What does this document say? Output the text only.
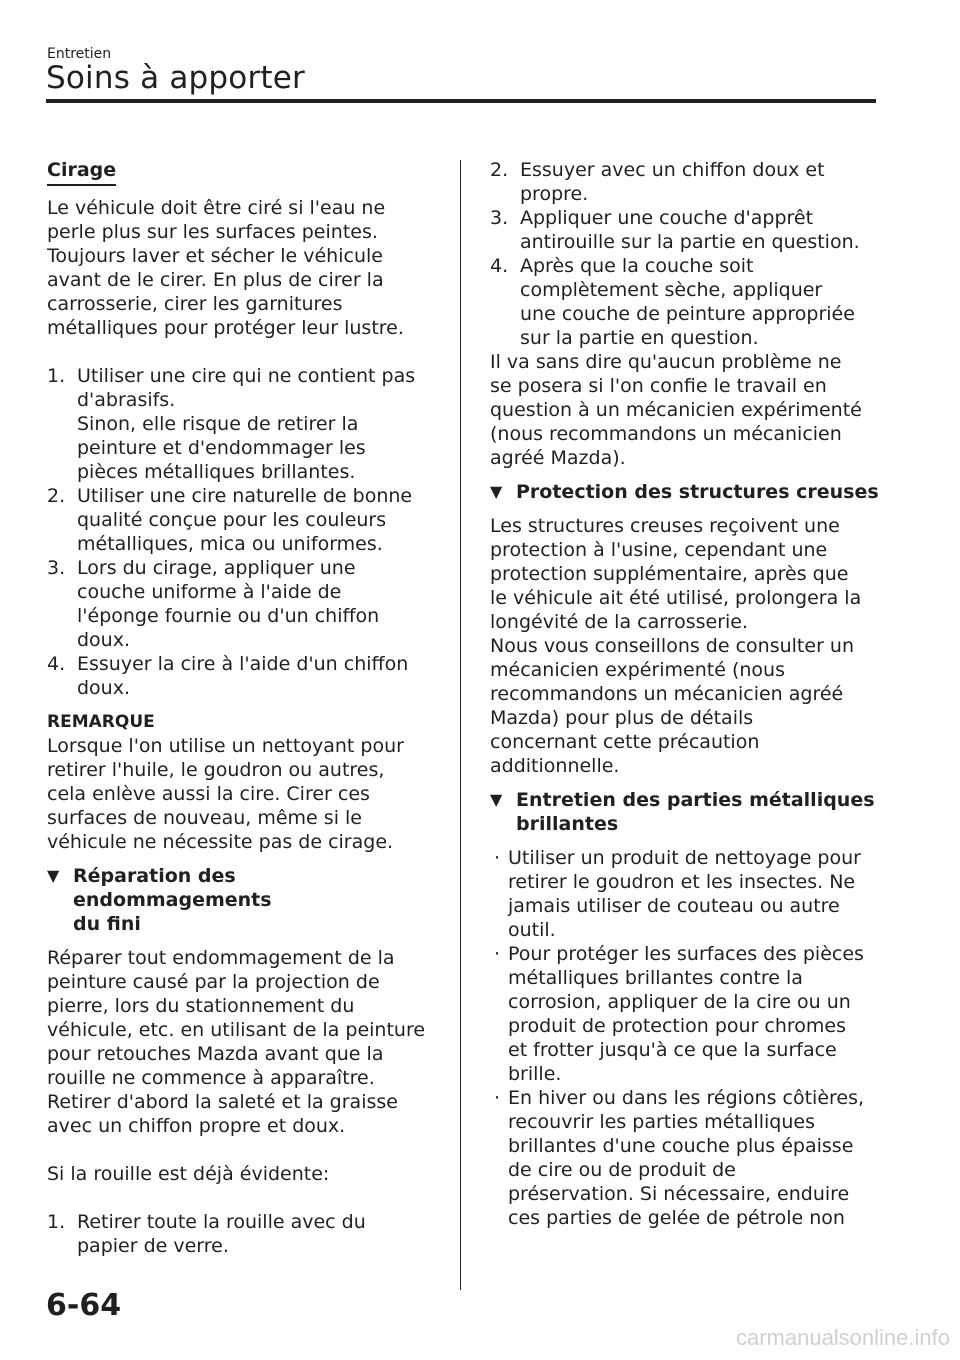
Entretien
Soins à apporter
Cirage
Le véhicule doit être ciré si l'eau ne
perle plus sur les surfaces peintes.
Toujours laver et sécher le véhicule
avant de le cirer. En plus de cirer la
carrosserie, cirer les garnitures
métalliques pour protéger leur lustre.
1. Utiliser une cire qui ne contient pas
d'abrasifs.
Sinon, elle risque de retirer la
peinture et d'endommager les
pièces métalliques brillantes.
2. Utiliser une cire naturelle de bonne
qualité conçue pour les couleurs
métalliques, mica ou uniformes.
3. Lors du cirage, appliquer une
couche uniforme à l'aide de
l'éponge fournie ou d'un chiffon
doux.
4. Essuyer la cire à l'aide d'un chiffon
doux.
REMARQUE
Lorsque l'on utilise un nettoyant pour
retirer l'huile, le goudron ou autres,
cela enlève aussi la cire. Cirer ces
surfaces de nouveau, même si le
véhicule ne nécessite pas de cirage.
▼ Réparation des endommagements
du fini
Réparer tout endommagement de la
peinture causé par la projection de
pierre, lors du stationnement du
véhicule, etc. en utilisant de la peinture
pour retouches Mazda avant que la
rouille ne commence à apparaître.
Retirer d'abord la saleté et la graisse
avec un chiffon propre et doux.
Si la rouille est déjà évidente:
1. Retirer toute la rouille avec du
papier de verre.
2. Essuyer avec un chiffon doux et
propre.
3. Appliquer une couche d'apprêt
antirouille sur la partie en question.
4. Après que la couche soit
complètement sèche, appliquer
une couche de peinture appropriée
sur la partie en question.
Il va sans dire qu'aucun problème ne
se posera si l'on confie le travail en
question à un mécanicien expérimenté
(nous recommandons un mécanicien
agréé Mazda).
▼ Protection des structures creuses
Les structures creuses reçoivent une
protection à l'usine, cependant une
protection supplémentaire, après que
le véhicule ait été utilisé, prolongera la
longévité de la carrosserie.
Nous vous conseillons de consulter un
mécanicien expérimenté (nous
recommandons un mécanicien agréé
Mazda) pour plus de détails
concernant cette précaution
additionnelle.
▼ Entretien des parties métalliques
brillantes
· Utiliser un produit de nettoyage pour
retirer le goudron et les insectes. Ne
jamais utiliser de couteau ou autre
outil.
· Pour protéger les surfaces des pièces
métalliques brillantes contre la
corrosion, appliquer de la cire ou un
produit de protection pour chromes
et frotter jusqu'à ce que la surface
brille.
· En hiver ou dans les régions côtières,
recouvrir les parties métalliques
brillantes d'une couche plus épaisse
de cire ou de produit de
préservation. Si nécessaire, enduire
ces parties de gelée de pétrole non
6-64
carmanualsonline.info
